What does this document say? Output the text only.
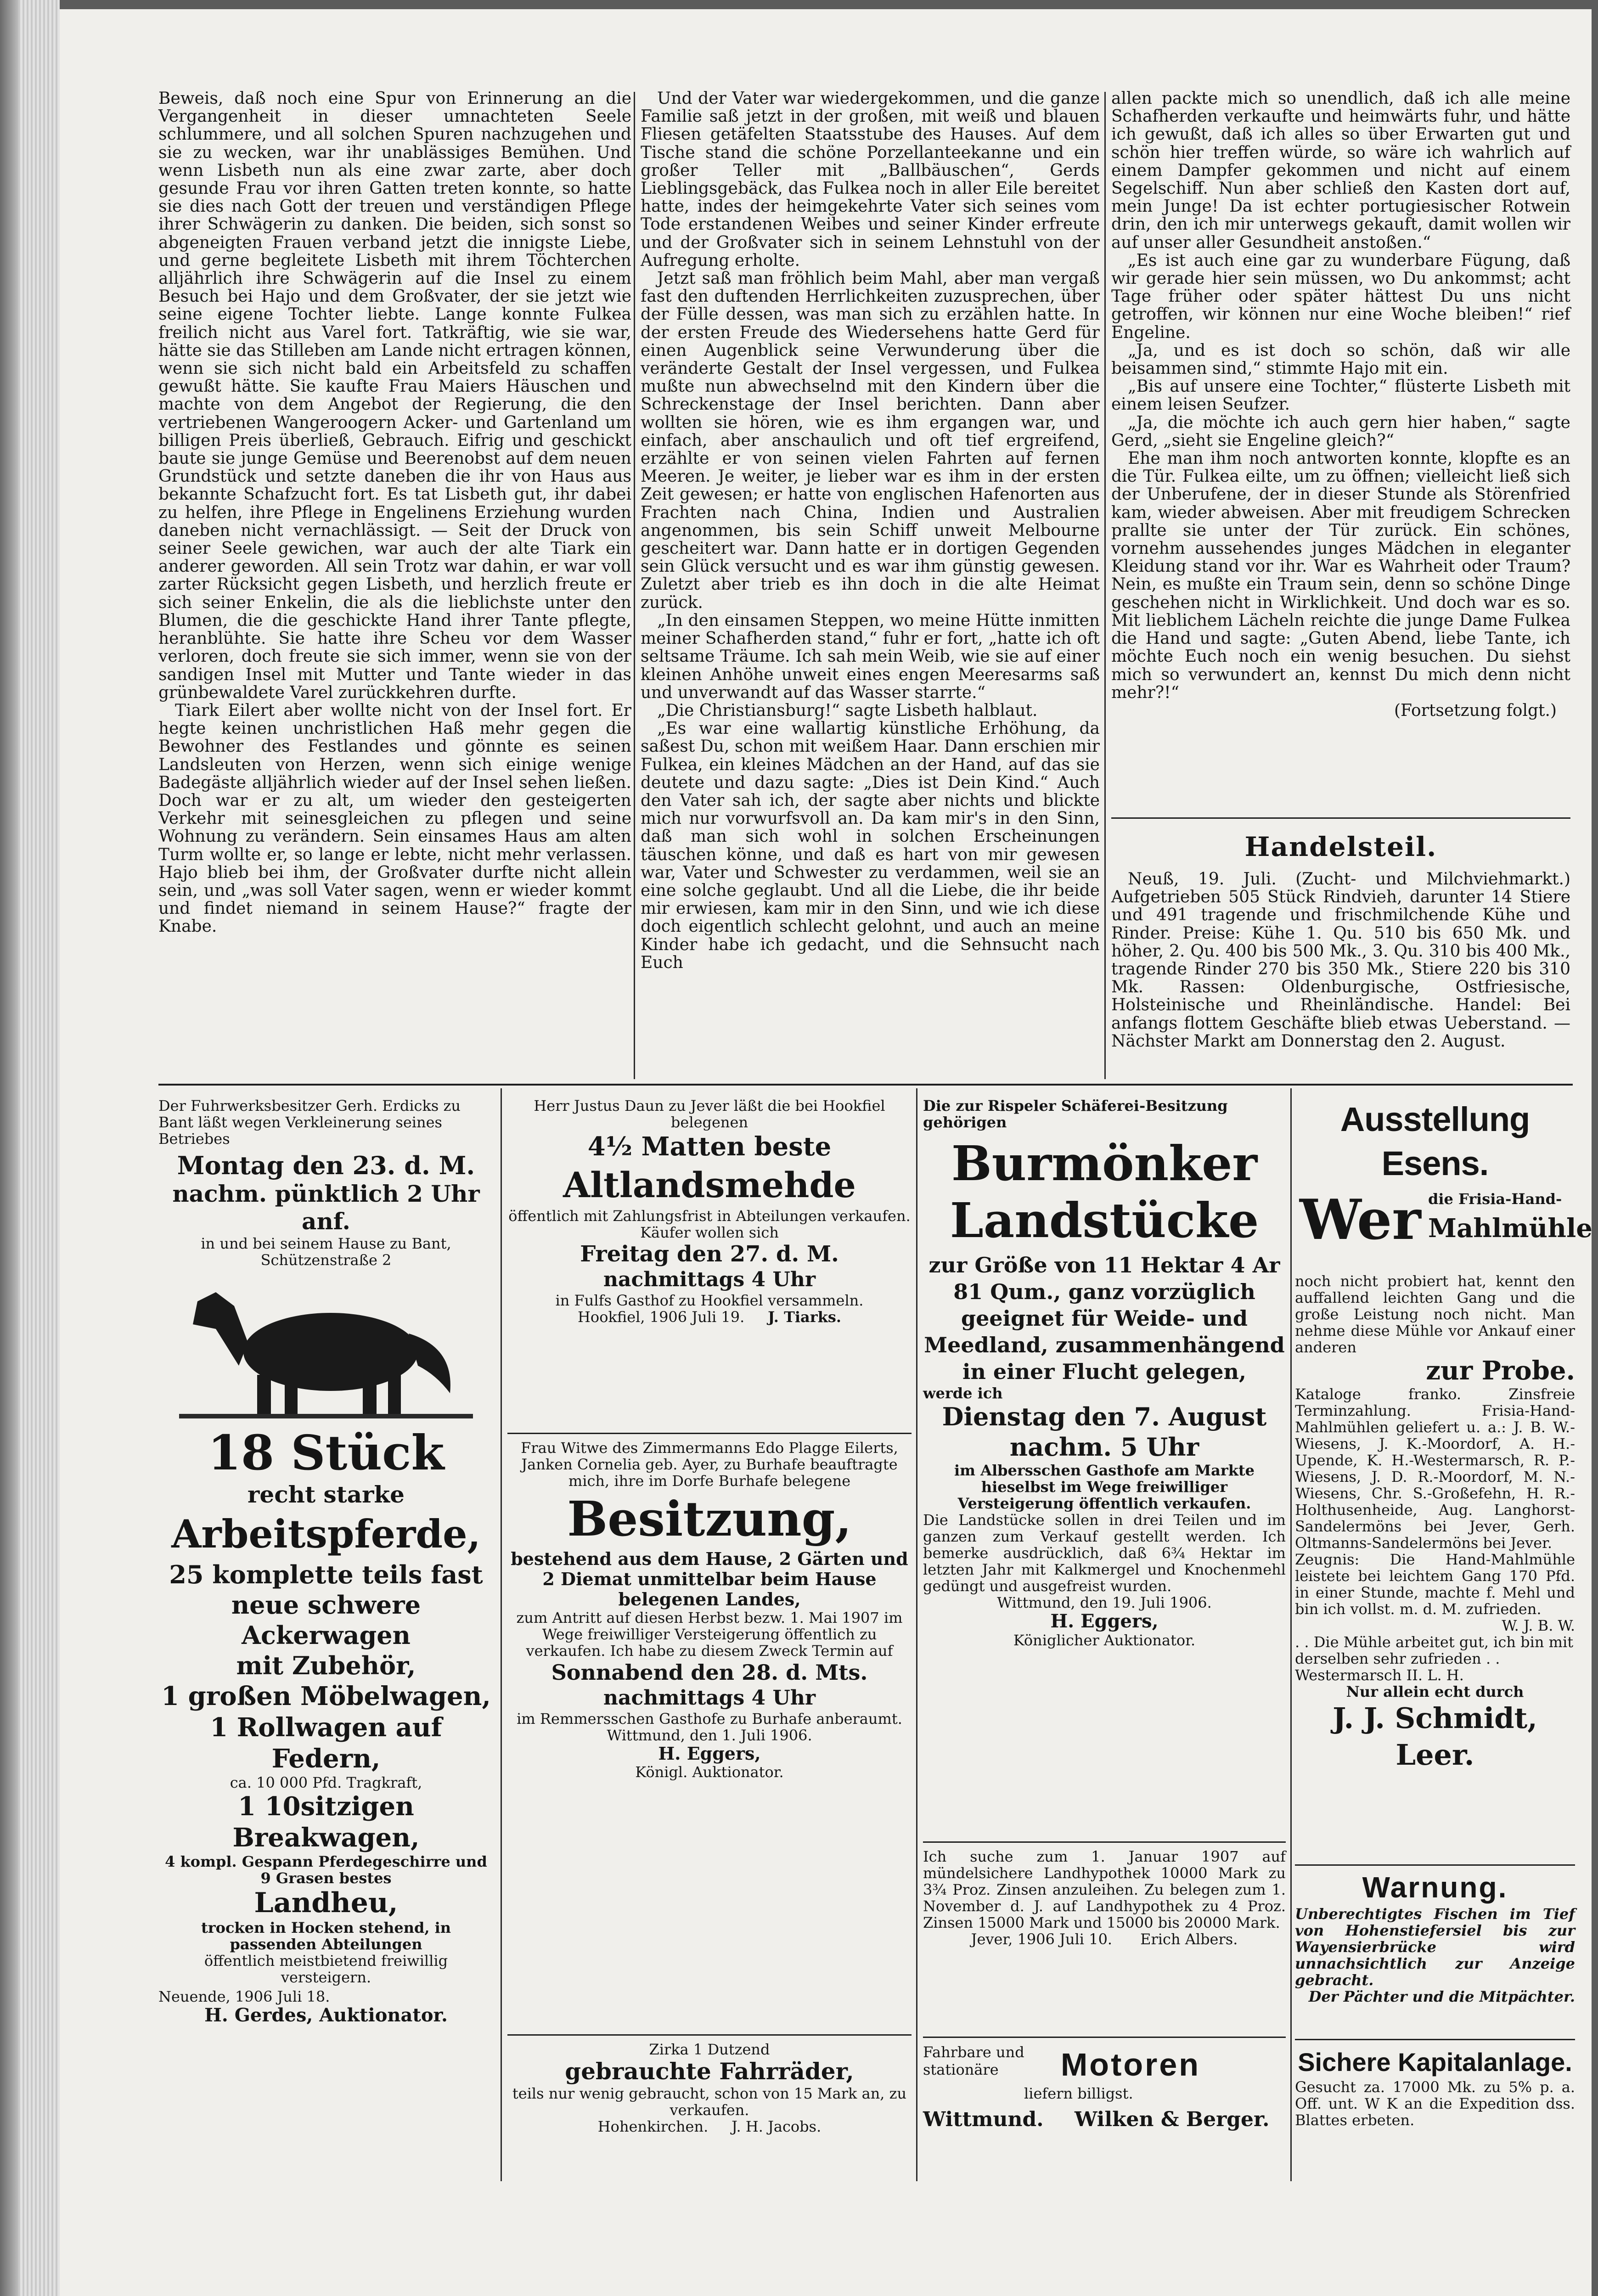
Beweis, daß noch eine Spur von Erinnerung an die Vergangenheit in dieser umnachteten Seele schlummere, und all solchen Spuren nachzugehen und sie zu wecken, war ihr unablässiges Bemühen. Und wenn Lisbeth nun als eine zwar zarte, aber doch gesunde Frau vor ihren Gatten treten konnte, so hatte sie dies nach Gott der treuen und verständigen Pflege ihrer Schwägerin zu danken. Die beiden, sich sonst so abgeneigten Frauen verband jetzt die innigste Liebe, und gerne begleitete Lisbeth mit ihrem Töchterchen alljährlich ihre Schwägerin auf die Insel zu einem Besuch bei Hajo und dem Großvater, der sie jetzt wie seine eigene Tochter liebte. Lange konnte Fulkea freilich nicht aus Varel fort. Tatkräftig, wie sie war, hätte sie das Stilleben am Lande nicht ertragen können, wenn sie sich nicht bald ein Arbeitsfeld zu schaffen gewußt hätte. Sie kaufte Frau Maiers Häuschen und machte von dem Angebot der Regierung, die den vertriebenen Wangeroogern Acker- und Gartenland um billigen Preis überließ, Gebrauch. Eifrig und geschickt baute sie junge Gemüse und Beerenobst auf dem neuen Grundstück und setzte daneben die ihr von Haus aus bekannte Schafzucht fort. Es tat Lisbeth gut, ihr dabei zu helfen, ihre Pflege in Engelinens Erziehung wurden daneben nicht vernachlässigt. — Seit der Druck von seiner Seele gewichen, war auch der alte Tiark ein anderer geworden. All sein Trotz war dahin, er war voll zarter Rücksicht gegen Lisbeth, und herzlich freute er sich seiner Enkelin, die als die lieblichste unter den Blumen, die die geschickte Hand ihrer Tante pflegte, heranblühte. Sie hatte ihre Scheu vor dem Wasser verloren, doch freute sie sich immer, wenn sie von der sandigen Insel mit Mutter und Tante wieder in das grünbewaldete Varel zurückkehren durfte.

Tiark Eilert aber wollte nicht von der Insel fort. Er hegte keinen unchristlichen Haß mehr gegen die Bewohner des Festlandes und gönnte es seinen Landsleuten von Herzen, wenn sich einige wenige Badegäste alljährlich wieder auf der Insel sehen ließen. Doch war er zu alt, um wieder den gesteigerten Verkehr mit seinesgleichen zu pflegen und seine Wohnung zu verändern. Sein einsames Haus am alten Turm wollte er, so lange er lebte, nicht mehr verlassen. Hajo blieb bei ihm, der Großvater durfte nicht allein sein, und „was soll Vater sagen, wenn er wieder kommt und findet niemand in seinem Hause?“ fragte der Knabe.

Und der Vater war wiedergekommen, und die ganze Familie saß jetzt in der großen, mit weiß und blauen Fliesen getäfelten Staatsstube des Hauses. Auf dem Tische stand die schöne Porzellanteekanne und ein großer Teller mit „Ballbäuschen“, Gerds Lieblingsgebäck, das Fulkea noch in aller Eile bereitet hatte, indes der heimgekehrte Vater sich seines vom Tode erstandenen Weibes und seiner Kinder erfreute und der Großvater sich in seinem Lehnstuhl von der Aufregung erholte.

Jetzt saß man fröhlich beim Mahl, aber man vergaß fast den duftenden Herrlichkeiten zuzusprechen, über der Fülle dessen, was man sich zu erzählen hatte. In der ersten Freude des Wiedersehens hatte Gerd für einen Augenblick seine Verwunderung über die veränderte Gestalt der Insel vergessen, und Fulkea mußte nun abwechselnd mit den Kindern über die Schreckenstage der Insel berichten. Dann aber wollten sie hören, wie es ihm ergangen war, und einfach, aber anschaulich und oft tief ergreifend, erzählte er von seinen vielen Fahrten auf fernen Meeren. Je weiter, je lieber war es ihm in der ersten Zeit gewesen; er hatte von englischen Hafenorten aus Frachten nach China, Indien und Australien angenommen, bis sein Schiff unweit Melbourne gescheitert war. Dann hatte er in dortigen Gegenden sein Glück versucht und es war ihm günstig gewesen. Zuletzt aber trieb es ihn doch in die alte Heimat zurück.

„In den einsamen Steppen, wo meine Hütte inmitten meiner Schafherden stand,“ fuhr er fort, „hatte ich oft seltsame Träume. Ich sah mein Weib, wie sie auf einer kleinen Anhöhe unweit eines engen Meeresarms saß und unverwandt auf das Wasser starrte.“

„Die Christiansburg!“ sagte Lisbeth halblaut.

„Es war eine wallartig künstliche Erhöhung, da saßest Du, schon mit weißem Haar. Dann erschien mir Fulkea, ein kleines Mädchen an der Hand, auf das sie deutete und dazu sagte: „Dies ist Dein Kind.“ Auch den Vater sah ich, der sagte aber nichts und blickte mich nur vorwurfsvoll an. Da kam mir's in den Sinn, daß man sich wohl in solchen Erscheinungen täuschen könne, und daß es hart von mir gewesen war, Vater und Schwester zu verdammen, weil sie an eine solche geglaubt. Und all die Liebe, die ihr beide mir erwiesen, kam mir in den Sinn, und wie ich diese doch eigentlich schlecht gelohnt, und auch an meine Kinder habe ich gedacht, und die Sehnsucht nach Euch

allen packte mich so unendlich, daß ich alle meine Schafherden verkaufte und heimwärts fuhr, und hätte ich gewußt, daß ich alles so über Erwarten gut und schön hier treffen würde, so wäre ich wahrlich auf einem Dampfer gekommen und nicht auf einem Segelschiff. Nun aber schließ den Kasten dort auf, mein Junge! Da ist echter portugiesischer Rotwein drin, den ich mir unterwegs gekauft, damit wollen wir auf unser aller Gesundheit anstoßen.“

„Es ist auch eine gar zu wunderbare Fügung, daß wir gerade hier sein müssen, wo Du ankommst; acht Tage früher oder später hättest Du uns nicht getroffen, wir können nur eine Woche bleiben!“ rief Engeline.

„Ja, und es ist doch so schön, daß wir alle beisammen sind,“ stimmte Hajo mit ein.

„Bis auf unsere eine Tochter,“ flüsterte Lisbeth mit einem leisen Seufzer.

„Ja, die möchte ich auch gern hier haben,“ sagte Gerd, „sieht sie Engeline gleich?“

Ehe man ihm noch antworten konnte, klopfte es an die Tür. Fulkea eilte, um zu öffnen; vielleicht ließ sich der Unberufene, der in dieser Stunde als Störenfried kam, wieder abweisen. Aber mit freudigem Schrecken prallte sie unter der Tür zurück. Ein schönes, vornehm aussehendes junges Mädchen in eleganter Kleidung stand vor ihr. War es Wahrheit oder Traum? Nein, es mußte ein Traum sein, denn so schöne Dinge geschehen nicht in Wirklichkeit. Und doch war es so. Mit lieblichem Lächeln reichte die junge Dame Fulkea die Hand und sagte: „Guten Abend, liebe Tante, ich möchte Euch noch ein wenig besuchen. Du siehst mich so verwundert an, kennst Du mich denn nicht mehr?!“

(Fortsetzung folgt.)

Handelsteil.

Neuß, 19. Juli. (Zucht- und Milchviehmarkt.) Aufgetrieben 505 Stück Rindvieh, darunter 14 Stiere und 491 tragende und frischmilchende Kühe und Rinder. Preise: Kühe 1. Qu. 510 bis 650 Mk. und höher, 2. Qu. 400 bis 500 Mk., 3. Qu. 310 bis 400 Mk., tragende Rinder 270 bis 350 Mk., Stiere 220 bis 310 Mk. Rassen: Oldenburgische, Ostfriesische, Holsteinische und Rheinländische. Handel: Bei anfangs flottem Geschäfte blieb etwas Ueberstand. — Nächster Markt am Donnerstag den 2. August.

Der Fuhrwerksbesitzer Gerh. Erdicks zu Bant läßt wegen Verkleinerung seines Betriebes
Montag den 23. d. M.
nachm. pünktlich 2 Uhr anf.
in und bei seinem Hause zu Bant, Schützenstraße 2
18 Stück
recht starke
Arbeitspferde,
25 komplette teils fast
neue schwere Ackerwagen
mit Zubehör,
1 großen Möbelwagen,
1 Rollwagen auf Federn,
ca. 10 000 Pfd. Tragkraft,
1 10sitzigen Breakwagen,
4 kompl. Gespann Pferdegeschirre und 9 Grasen bestes
Landheu,
trocken in Hocken stehend, in passenden Abteilungen
öffentlich meistbietend freiwillig versteigern.
Neuende, 1906 Juli 18.
H. Gerdes, Auktionator.
Herr Justus Daun zu Jever läßt die bei Hookfiel belegenen
4½ Matten beste
Altlandsmehde
öffentlich mit Zahlungsfrist in Abteilungen verkaufen. Käufer wollen sich
Freitag den 27. d. M.
nachmittags 4 Uhr
in Fulfs Gasthof zu Hookfiel versammeln.
Hookfiel, 1906 Juli 19. J. Tiarks.
Frau Witwe des Zimmermanns Edo Plagge Eilerts, Janken Cornelia geb. Ayer, zu Burhafe beauftragte mich, ihre im Dorfe Burhafe belegene
Besitzung,
bestehend aus dem Hause, 2 Gärten und 2 Diemat unmittelbar beim Hause belegenen Landes,
zum Antritt auf diesen Herbst bezw. 1. Mai 1907 im Wege freiwilliger Versteigerung öffentlich zu verkaufen. Ich habe zu diesem Zweck Termin auf
Sonnabend den 28. d. Mts.
nachmittags 4 Uhr
im Remmersschen Gasthofe zu Burhafe anberaumt.
Wittmund, den 1. Juli 1906.
H. Eggers,
Königl. Auktionator.
Zirka 1 Dutzend
gebrauchte Fahrräder,
teils nur wenig gebraucht, schon von 15 Mark an, zu verkaufen.
Hohenkirchen. J. H. Jacobs.
Die zur Rispeler Schäferei-Besitzung gehörigen
Burmönker
Landstücke
zur Größe von 11 Hektar 4 Ar 81 Qum., ganz vorzüglich geeignet für Weide- und Meedland, zusammenhängend in einer Flucht gelegen,
werde ich
Dienstag den 7. August
nachm. 5 Uhr
im Albersschen Gasthofe am Markte hieselbst im Wege freiwilliger Versteigerung öffentlich verkaufen.
Die Landstücke sollen in drei Teilen und im ganzen zum Verkauf gestellt werden. Ich bemerke ausdrücklich, daß 6¾ Hektar im letzten Jahr mit Kalkmergel und Knochenmehl gedüngt und ausgefreist wurden.
Wittmund, den 19. Juli 1906.
H. Eggers,
Königlicher Auktionator.
Ich suche zum 1. Januar 1907 auf mündelsichere Landhypothek 10000 Mark zu 3¾ Proz. Zinsen anzuleihen. Zu belegen zum 1. November d. J. auf Landhypothek zu 4 Proz. Zinsen 15000 Mark und 15000 bis 20000 Mark.
Jever, 1906 Juli 10. Erich Albers.
Fahrbare und stationäre	Motoren
liefern billigst.
Wittmund. Wilken & Berger.
Ausstellung Esens.
Wer die Frisia-Hand-
Mahlmühle
noch nicht probiert hat, kennt den auffallend leichten Gang und die große Leistung noch nicht. Man nehme diese Mühle vor Ankauf einer anderen
zur Probe.
Kataloge franko. Zinsfreie Terminzahlung. Frisia-Hand-Mahlmühlen geliefert u. a.: J. B. W.-Wiesens, J. K.-Moordorf, A. H.-Upende, K. H.-Westermarsch, R. P.-Wiesens, J. D. R.-Moordorf, M. N.-Wiesens, Chr. S.-Großefehn, H. R.-Holthusenheide, Aug. Langhorst-Sandelermöns bei Jever, Gerh. Oltmanns-Sandelermöns bei Jever.
Zeugnis: Die Hand-Mahlmühle leistete bei leichtem Gang 170 Pfd. in einer Stunde, machte f. Mehl und bin ich vollst. m. d. M. zufrieden.
W. J. B. W.
. . Die Mühle arbeitet gut, ich bin mit derselben sehr zufrieden . .
Westermarsch II. L. H.
Nur allein echt durch
J. J. Schmidt, Leer.
Warnung.
Unberechtigtes Fischen im Tief von Hohenstiefersiel bis zur Wayensierbrücke wird unnachsichtlich zur Anzeige gebracht.
Der Pächter und die Mitpächter.
Sichere Kapitalanlage.
Gesucht za. 17000 Mk. zu 5% p. a. Off. unt. W K an die Expedition dss. Blattes erbeten.
